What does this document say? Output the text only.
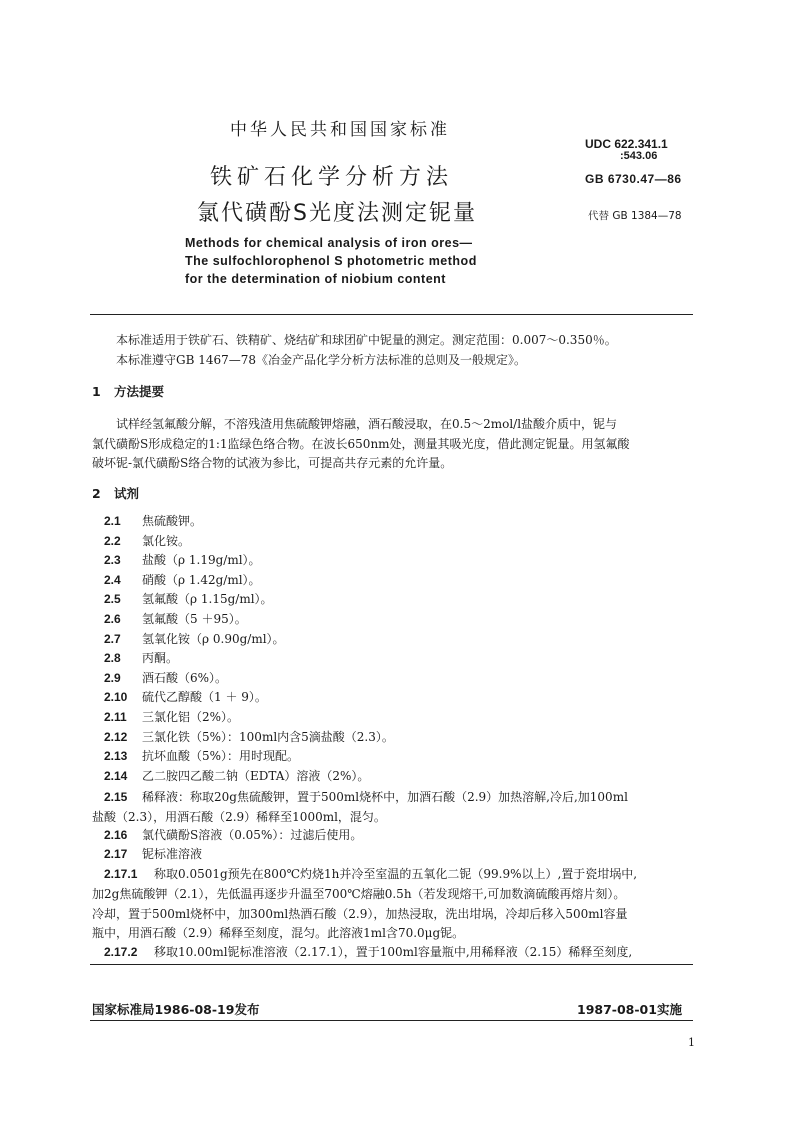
中华人民共和国国家标准
铁矿石化学分析方法
氯代磺酚S光度法测定铌量
Methods for chemical analysis of iron ores—
The sulfochlorophenol S photometric method
for the determination of niobium content
UDC 622.341.1
:543.06
GB 6730.47—86
代替 GB 1384—78
本标准适用于铁矿石、铁精矿、烧结矿和球团矿中铌量的测定。测定范围：0.007～0.350％。
本标准遵守GB 1467—78《冶金产品化学分析方法标准的总则及一般规定》。
1 方法提要
试样经氢氟酸分解，不溶残渣用焦硫酸钾熔融，酒石酸浸取，在0.5～2mol/l盐酸介质中，铌与
氯代磺酚S形成稳定的1:1监绿色络合物。在波长650nm处，测量其吸光度，借此测定铌量。用氢氟酸
破坏铌-氯代磺酚S络合物的试液为参比，可提高共存元素的允许量。
2 试剂
2.1 焦硫酸钾。
2.2 氯化铵。
2.3 盐酸（ρ 1.19g/ml）。
2.4 硝酸（ρ 1.42g/ml）。
2.5 氢氟酸（ρ 1.15g/ml）。
2.6 氢氟酸（5 ＋95）。
2.7 氢氧化铵（ρ 0.90g/ml）。
2.8 丙酮。
2.9 酒石酸（6%）。
2.10 硫代乙醇酸（1 ＋ 9）。
2.11 三氯化铝（2%）。
2.12 三氯化铁（5%）：100ml内含5滴盐酸（2.3）。
2.13 抗坏血酸（5%）：用时现配。
2.14 乙二胺四乙酸二钠（EDTA）溶液（2%）。
2.15 稀释液：称取20g焦硫酸钾，置于500ml烧杯中，加酒石酸（2.9）加热溶解,冷后,加100ml
盐酸（2.3），用酒石酸（2.9）稀释至1000ml，混匀。
2.16 氯代磺酚S溶液（0.05%）：过滤后使用。
2.17 铌标准溶液
2.17.1 称取0.0501g预先在800℃灼烧1h并冷至室温的五氧化二铌（99.9%以上）,置于瓷坩埚中,
加2g焦硫酸钾（2.1），先低温再逐步升温至700℃熔融0.5h（若发现熔干,可加数滴硫酸再熔片刻）。
冷却，置于500ml烧杯中，加300ml热酒石酸（2.9），加热浸取，洗出坩埚，冷却后移入500ml容量
瓶中，用酒石酸（2.9）稀释至刻度，混匀。此溶液1ml含70.0μg铌。
2.17.2 移取10.00ml铌标准溶液（2.17.1），置于100ml容量瓶中,用稀释液（2.15）稀释至刻度,
国家标准局1986-08-19发布	1987-08-01实施
1
